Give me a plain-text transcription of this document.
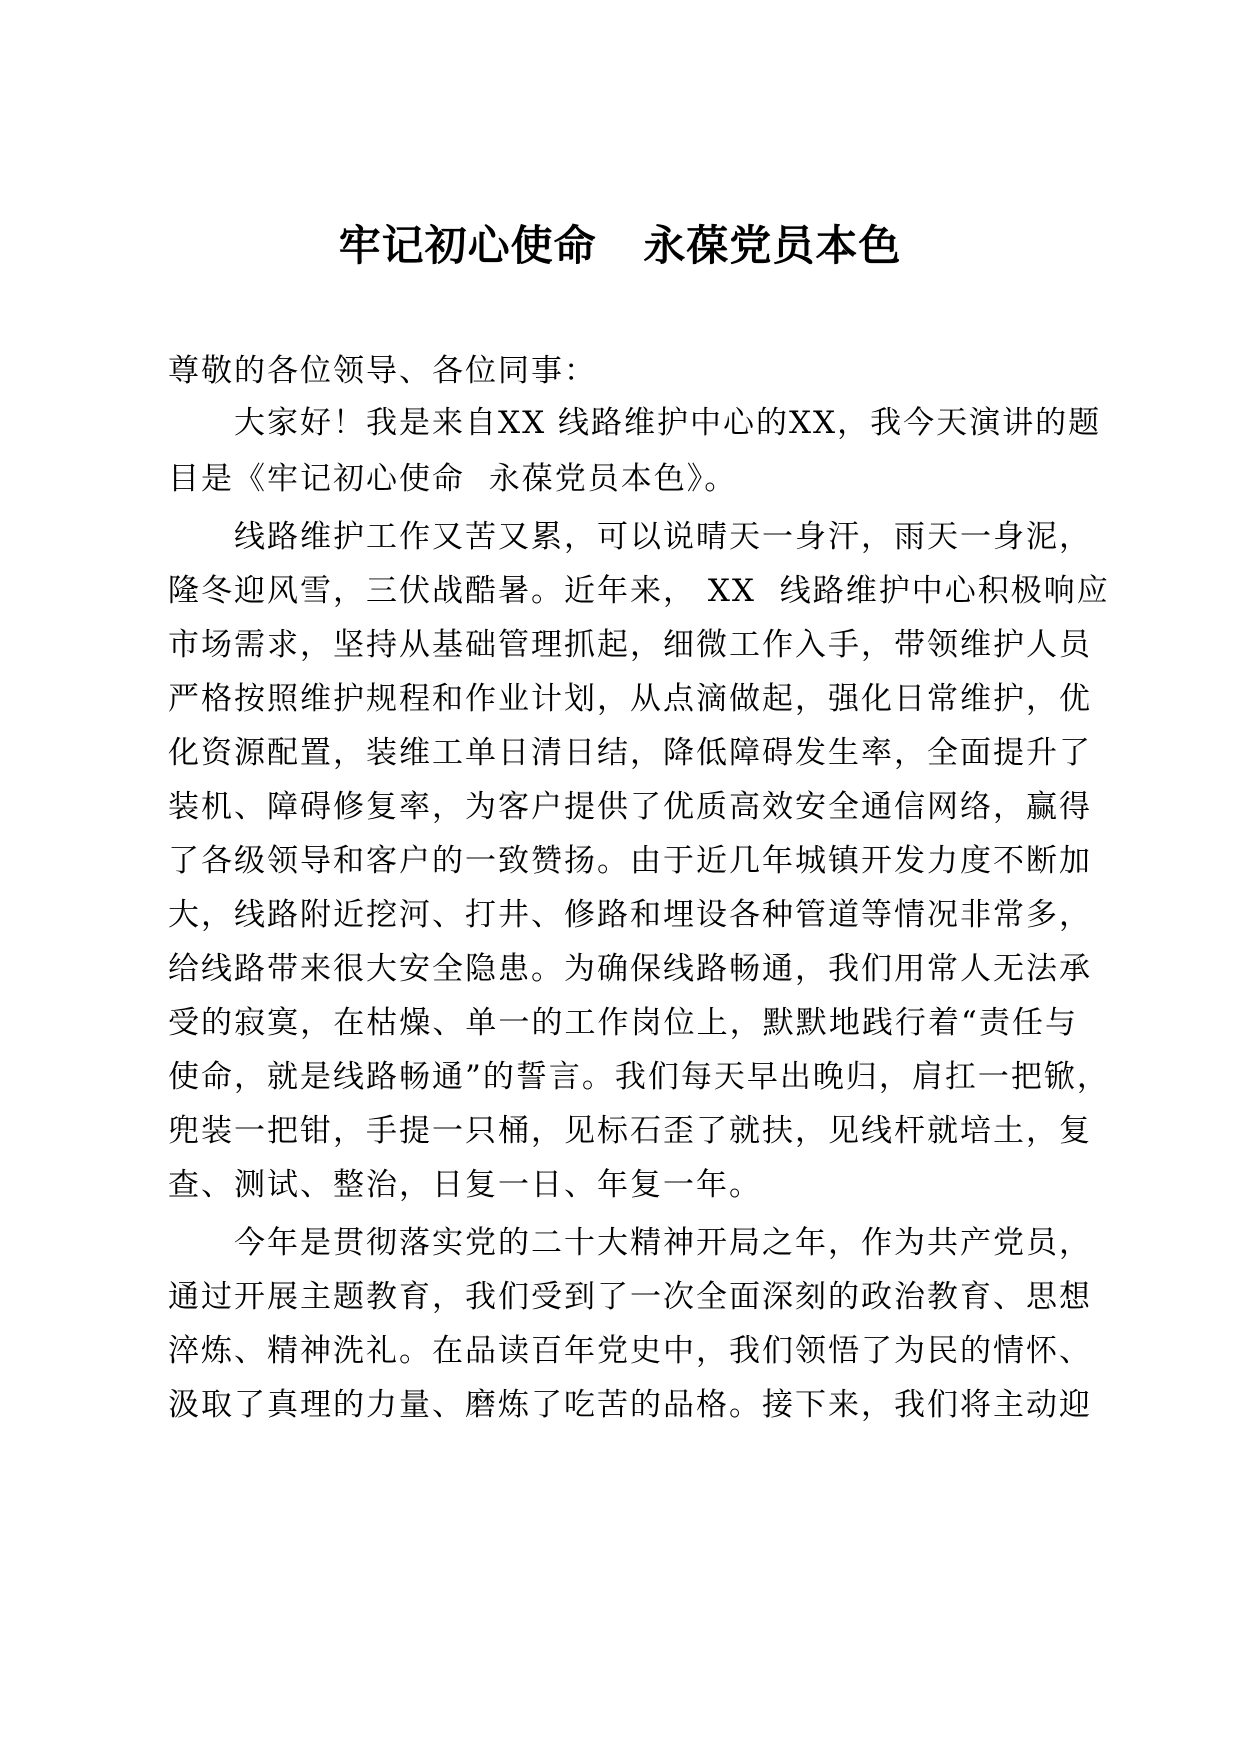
牢记初心使命   永葆党员本色
尊敬的各位领导、各位同事：
大家好！我是来自XX 线路维护中心的XX，我今天演讲的题
目是《牢记初心使命  永葆党员本色》。
线路维护工作又苦又累，可以说晴天一身汗，雨天一身泥，
隆冬迎风雪，三伏战酷暑。近年来， XX  线路维护中心积极响应
市场需求，坚持从基础管理抓起，细微工作入手，带领维护人员
严格按照维护规程和作业计划，从点滴做起，强化日常维护，优
化资源配置，装维工单日清日结，降低障碍发生率，全面提升了
装机、障碍修复率，为客户提供了优质高效安全通信网络，赢得
了各级领导和客户的一致赞扬。由于近几年城镇开发力度不断加
大，线路附近挖河、打井、修路和埋设各种管道等情况非常多，
给线路带来很大安全隐患。为确保线路畅通，我们用常人无法承
受的寂寞，在枯燥、单一的工作岗位上，默默地践行着“责任与
使命，就是线路畅通”的誓言。我们每天早出晚归，肩扛一把锨，
兜装一把钳，手提一只桶，见标石歪了就扶，见线杆就培土，复
查、测试、整治，日复一日、年复一年。
今年是贯彻落实党的二十大精神开局之年，作为共产党员，
通过开展主题教育，我们受到了一次全面深刻的政治教育、思想
淬炼、精神洗礼。在品读百年党史中，我们领悟了为民的情怀、
汲取了真理的力量、磨炼了吃苦的品格。接下来，我们将主动迎
